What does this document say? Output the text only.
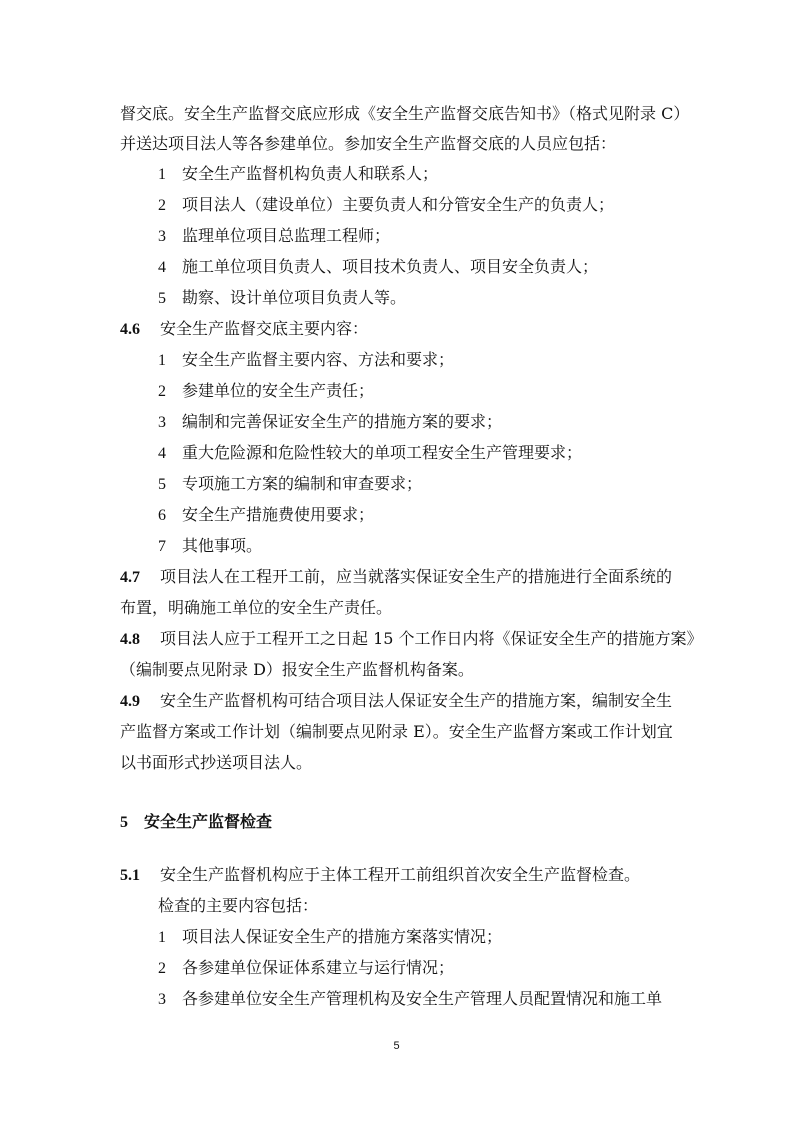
督交底。安全生产监督交底应形成《安全生产监督交底告知书》（格式见附录 C）
并送达项目法人等各参建单位。参加安全生产监督交底的人员应包括：
1 安全生产监督机构负责人和联系人；
2 项目法人（建设单位）主要负责人和分管安全生产的负责人；
3 监理单位项目总监理工程师；
4 施工单位项目负责人、项目技术负责人、项目安全负责人；
5 勘察、设计单位项目负责人等。
4.6 安全生产监督交底主要内容：
1 安全生产监督主要内容、方法和要求；
2 参建单位的安全生产责任；
3 编制和完善保证安全生产的措施方案的要求；
4 重大危险源和危险性较大的单项工程安全生产管理要求；
5 专项施工方案的编制和审查要求；
6 安全生产措施费使用要求；
7 其他事项。
4.7 项目法人在工程开工前，应当就落实保证安全生产的措施进行全面系统的
布置，明确施工单位的安全生产责任。
4.8 项目法人应于工程开工之日起 15 个工作日内将《保证安全生产的措施方案》
（编制要点见附录 D）报安全生产监督机构备案。
4.9 安全生产监督机构可结合项目法人保证安全生产的措施方案，编制安全生
产监督方案或工作计划（编制要点见附录 E）。安全生产监督方案或工作计划宜
以书面形式抄送项目法人。
5 安全生产监督检查
5.1 安全生产监督机构应于主体工程开工前组织首次安全生产监督检查。
检查的主要内容包括：
1 项目法人保证安全生产的措施方案落实情况；
2 各参建单位保证体系建立与运行情况；
3 各参建单位安全生产管理机构及安全生产管理人员配置情况和施工单
5
